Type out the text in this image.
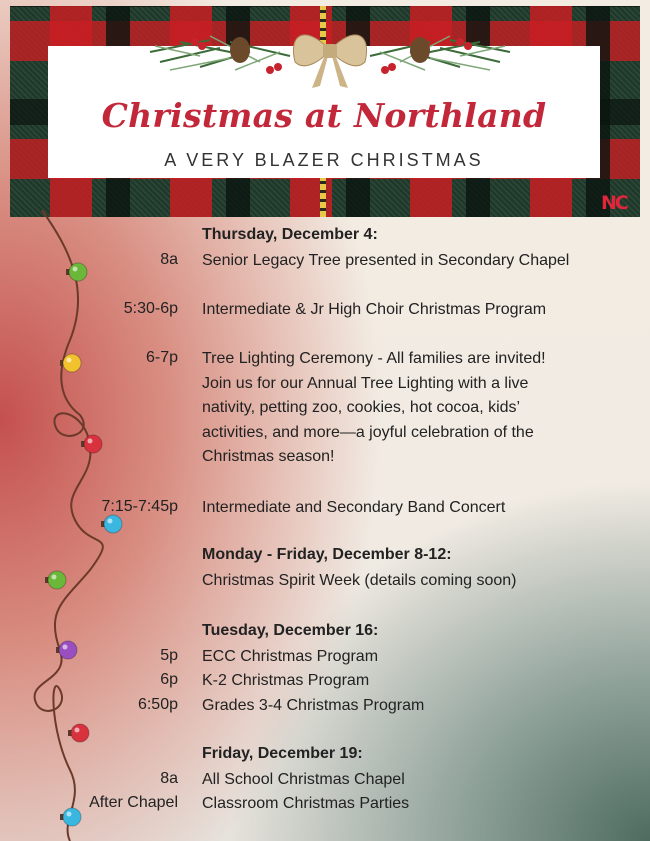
Christmas at Northland
A VERY BLAZER CHRISTMAS
NC
Thursday, December 4:
8a Senior Legacy Tree presented in Secondary Chapel
5:30-6p Intermediate & Jr High Choir Christmas Program
6-7p Tree Lighting Ceremony - All families are invited!
Join us for our Annual Tree Lighting with a live
nativity, petting zoo, cookies, hot cocoa, kids’
activities, and more—a joyful celebration of the
Christmas season!
7:15-7:45p Intermediate and Secondary Band Concert
Monday - Friday, December 8-12:
Christmas Spirit Week (details coming soon)
Tuesday, December 16:
5p ECC Christmas Program
6p K-2 Christmas Program
6:50p Grades 3-4 Christmas Program
Friday, December 19:
8a All School Christmas Chapel
After Chapel Classroom Christmas Parties
